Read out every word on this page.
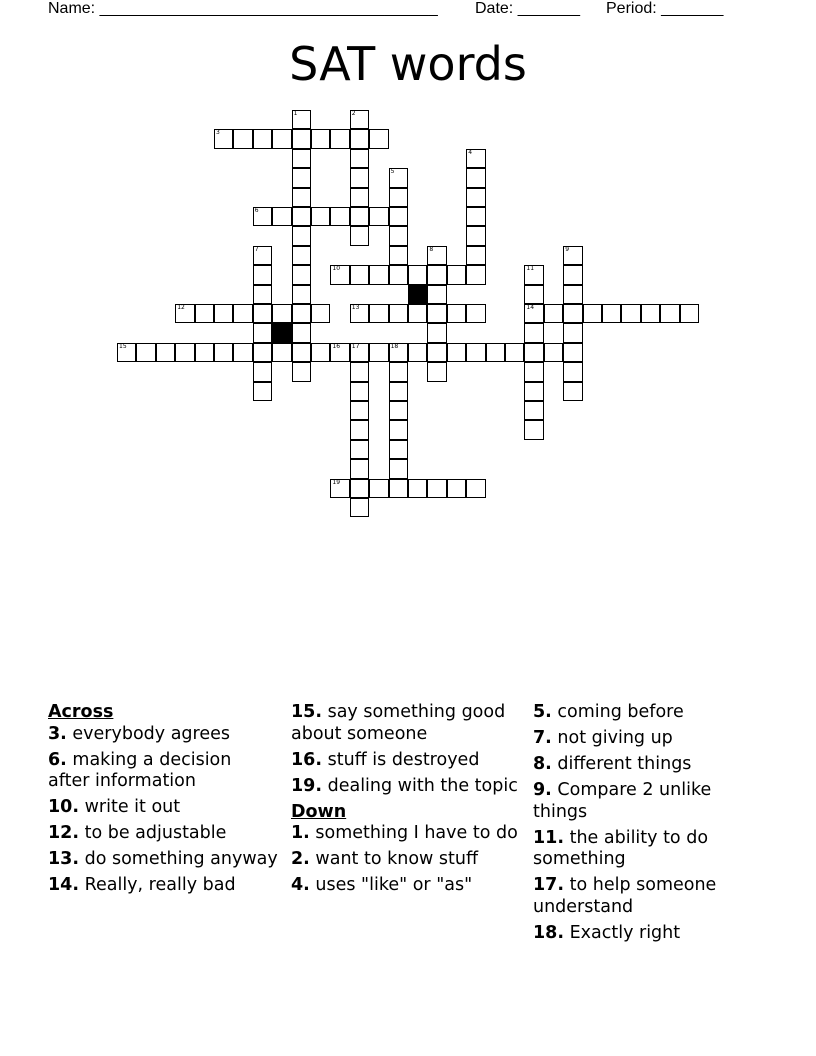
Name: ______________________________________ Date: _______ Period: _______
SAT words
3
6
10
12	13	14
15	16 17	18
19
1	2
4
5
7	8	9
11
Across
3. everybody agrees
6. making a decision after information
10. write it out
12. to be adjustable
13. do something anyway
14. Really, really bad
15. say something good about someone
16. stuff is destroyed
19. dealing with the topic
Down
1. something I have to do
2. want to know stuff
4. uses "like" or "as"
5. coming before
7. not giving up
8. different things
9. Compare 2 unlike things
11. the ability to do something
17. to help someone understand
18. Exactly right
